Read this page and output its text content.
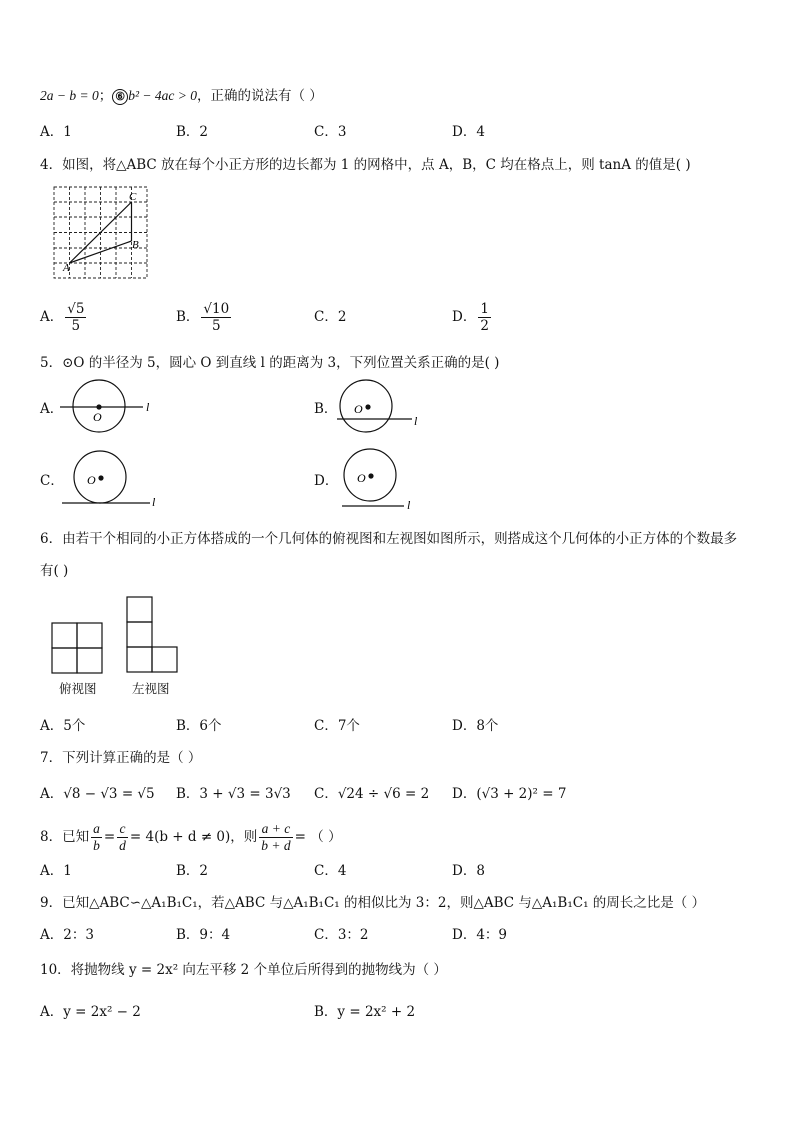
2a − b = 0； ⑥ b² − 4ac > 0，正确的说法有（ ）
A．1	B．2	C．3	D．4
4．如图，将△ABC 放在每个小正方形的边长都为 1 的网格中，点 A，B，C 均在格点上，则 tanA 的值是( )
C
B
A
A． $\frac{√5}{5}$	B． $\frac{√10}{5}$	C．2	D． $\frac{1}{2}$
5．⊙O 的半径为 5，圆心 O 到直线 l 的距离为 3，下列位置关系正确的是( )
A． O
l	B． O
l
C． O
l
D． O
l
6．由若干个相同的小正方体搭成的一个几何体的俯视图和左视图如图所示，则搭成这个几何体的小正方体的个数最多
有( )
俯视图	左视图
A．5个	B．6个	C．7个	D．8个
7．下列计算正确的是（ ）
A．√8 − √3 = √5 B．3 + √3 = 3√3 C．√24 ÷ √6 = 2 D．(√3 + 2)² = 7
8．已知 $\frac{a}{b} = \frac{c}{d} = 4(b + d \ne 0)$，则 $\frac{a + c}{b + d}$ = （ ）
A．1	B．2	C．4	D．8
9．已知△ABC∽△A₁B₁C₁，若△ABC 与△A₁B₁C₁ 的相似比为 3：2，则△ABC 与△A₁B₁C₁ 的周长之比是（ ）
A．2：3	B．9：4	C．3：2	D．4：9
10．将抛物线 y = 2x² 向左平移 2 个单位后所得到的抛物线为（ ）
A．y = 2x² − 2	B．y = 2x² + 2
